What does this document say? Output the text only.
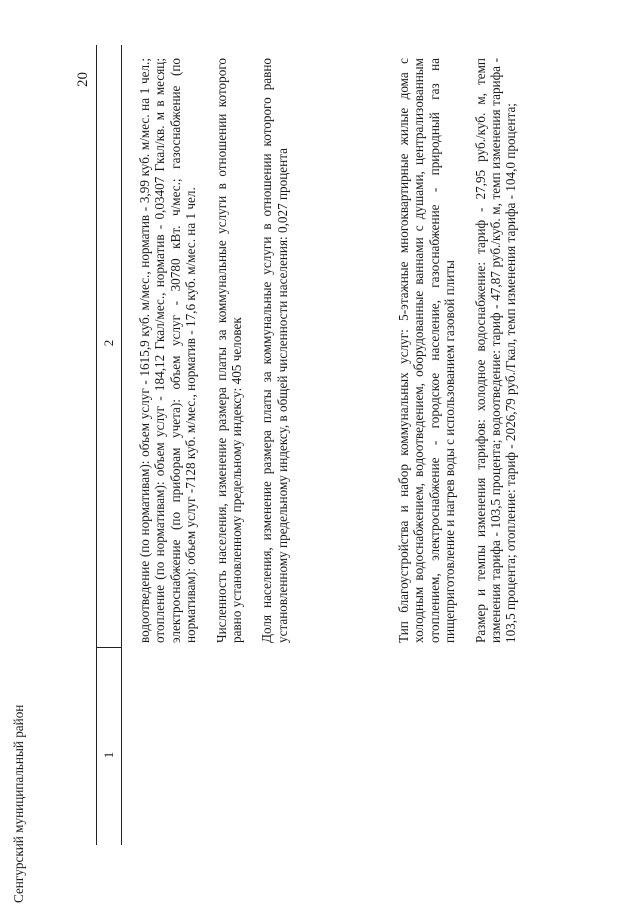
20
1
2 водоотведение (по нормативам): объем услуг - 1615,9 куб. м/мес., норматив - 3,99 куб. м/мес. на 1 чел.; отопление (по нормативам): объем услуг - 184,12 Гкал/мес., норматив - 0,03407 Гкал/кв. м в месяц; электроснабжение (по приборам учета): объем услуг - 30780 кВт. ч/мес.; газоснабжение (по нормативам): объем услуг -7128 куб. м/мес., норматив - 17,6 куб. м/мес. на 1 чел. Численность населения, изменение размера платы за коммунальные услуги в отношении которого равно установленному предельному индексу: 405 человек Доля населения, изменение размера платы за коммунальные услуги в отношении которого равно установленному предельному индексу, в общей численности населения: 0,027 процента

Сенгурский муниципальный район

Тип благоустройства и набор коммунальных услуг: 5-этажные многоквартирные жилые дома с холодным водоснабжением, водоотведением, оборудованные ваннами с душами, централизованным отоплением, электроснабжение - городское население, газоснабжение - природный газ на пищеприготовление и нагрев воды с использованием газовой плиты Размер и темпы изменения тарифов: холодное водоснабжение: тариф - 27,95 руб./куб. м, темп изменения тарифа - 103,5 процента; водоотведение: тариф - 47,87 руб./куб. м, темп изменения тарифа - 103,5 процента; отопление: тариф - 2026,79 руб./Гкал, темп изменения тарифа - 104,0 процента;
